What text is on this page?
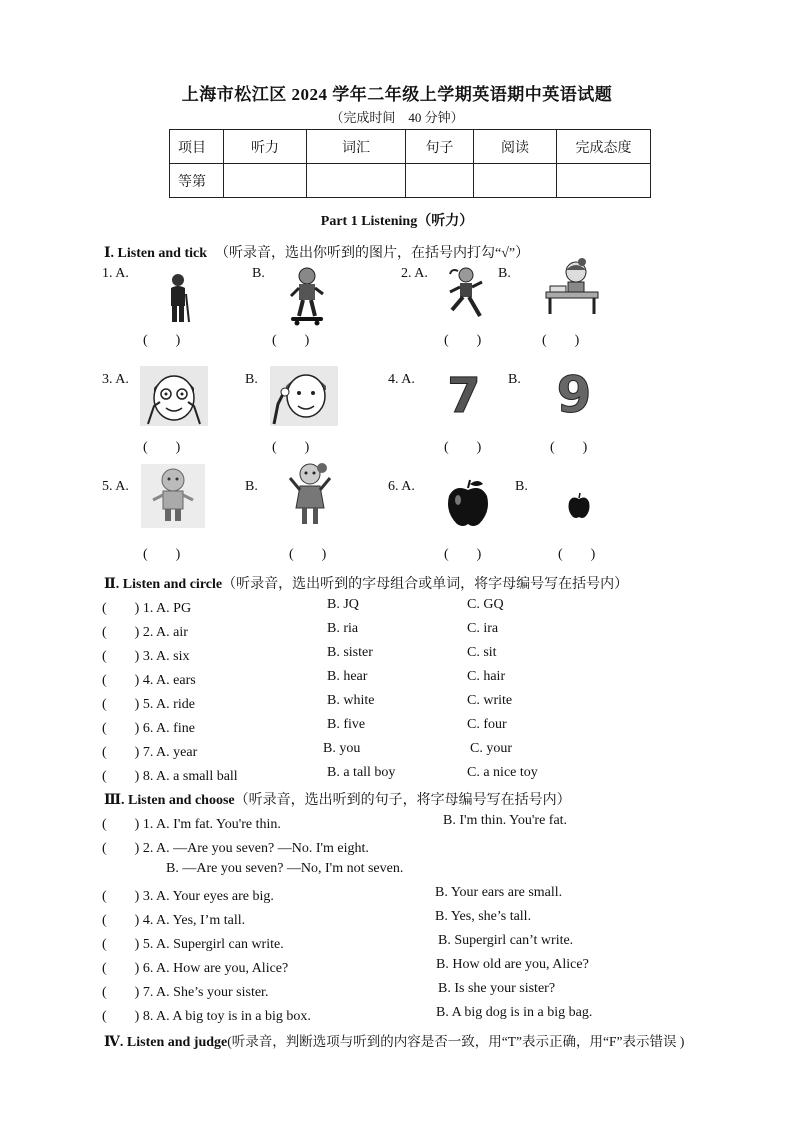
上海市松江区 2024 学年二年级上学期英语期中英语试题
（完成时间　40 分钟）
项目	听力	词汇	句子	阅读	完成态度
等第					
Part 1 Listening（听力）
Ⅰ. Listen and tick （听录音，选出你听到的图片，在括号内打勾“√”）
1. A.	B.	2. A.	B.
(　　)	(　　)	(　　)	(　　)
3. A.	B.	4. A.	B.
7 9
(　　)	(　　)	(　　)	(　　)
5. A.	B.	6. A.	B.
(　　)	(　　)	(　　)	(　　)
Ⅱ. Listen and circle（听录音，选出听到的字母组合或单词，将字母编号写在括号内）
(　　) 1. A. PG	B. JQ	C. GQ
(　　) 2. A. air	B. ria	C. ira
(　　) 3. A. six	B. sister	C. sit
(　　) 4. A. ears	B. hear	C. hair
(　　) 5. A. ride	B. white	C. write
(　　) 6. A. fine	B. five	C. four
(　　) 7. A. year	B. you	C. your
(　　) 8. A. a small ball	B. a tall boy	C. a nice toy
Ⅲ. Listen and choose（听录音，选出听到的句子，将字母编号写在括号内）
(　　) 1. A. I'm fat. You're thin.	B. I'm thin. You're fat.
(　　) 2. A. —Are you seven? —No. I'm eight.
B. —Are you seven? —No, I'm not seven.
(　　) 3. A. Your eyes are big.	B. Your ears are small.
(　　) 4. A. Yes, I’m tall.	B. Yes, she’s tall.
(　　) 5. A. Supergirl can write.	B. Supergirl can’t write.
(　　) 6. A. How are you, Alice?	B. How old are you, Alice?
(　　) 7. A. She’s your sister.	B. Is she your sister?
(　　) 8. A. A big toy is in a big box.	B. A big dog is in a big bag.
Ⅳ. Listen and judge(听录音，判断选项与听到的内容是否一致，用“T”表示正确，用“F”表示错误 )
